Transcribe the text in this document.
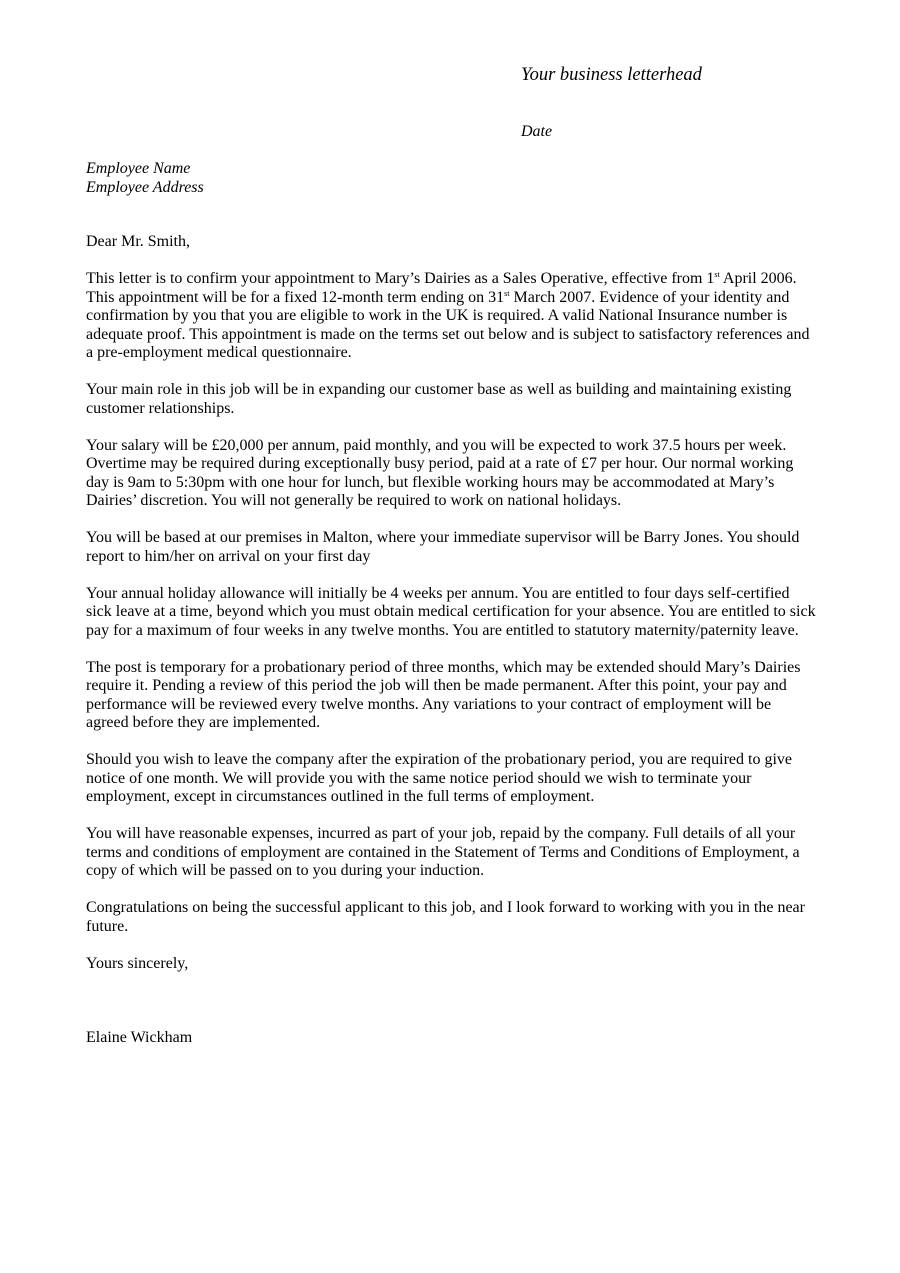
Your business letterhead
Date
Employee Name
Employee Address

Dear Mr. Smith,

This letter is to confirm your appointment to Mary’s Dairies as a Sales Operative, effective from 1st April 2006. This appointment will be for a fixed 12-month term ending on 31st March 2007. Evidence of your identity and confirmation by you that you are eligible to work in the UK is required. A valid National Insurance number is adequate proof. This appointment is made on the terms set out below and is subject to satisfactory references and a pre-employment medical questionnaire.

Your main role in this job will be in expanding our customer base as well as building and maintaining existing customer relationships.

Your salary will be £20,000 per annum, paid monthly, and you will be expected to work 37.5 hours per week. Overtime may be required during exceptionally busy period, paid at a rate of £7 per hour. Our normal working day is 9am to 5:30pm with one hour for lunch, but flexible working hours may be accommodated at Mary’s Dairies’ discretion. You will not generally be required to work on national holidays.

You will be based at our premises in Malton, where your immediate supervisor will be Barry Jones. You should report to him/her on arrival on your first day

Your annual holiday allowance will initially be 4 weeks per annum. You are entitled to four days self-certified sick leave at a time, beyond which you must obtain medical certification for your absence. You are entitled to sick pay for a maximum of four weeks in any twelve months. You are entitled to statutory maternity/paternity leave.

The post is temporary for a probationary period of three months, which may be extended should Mary’s Dairies require it. Pending a review of this period the job will then be made permanent. After this point, your pay and performance will be reviewed every twelve months. Any variations to your contract of employment will be agreed before they are implemented.

Should you wish to leave the company after the expiration of the probationary period, you are required to give notice of one month. We will provide you with the same notice period should we wish to terminate your employment, except in circumstances outlined in the full terms of employment.

You will have reasonable expenses, incurred as part of your job, repaid by the company. Full details of all your terms and conditions of employment are contained in the Statement of Terms and Conditions of Employment, a copy of which will be passed on to you during your induction.

Congratulations on being the successful applicant to this job, and I look forward to working with you in the near future.

Yours sincerely,

Elaine Wickham
